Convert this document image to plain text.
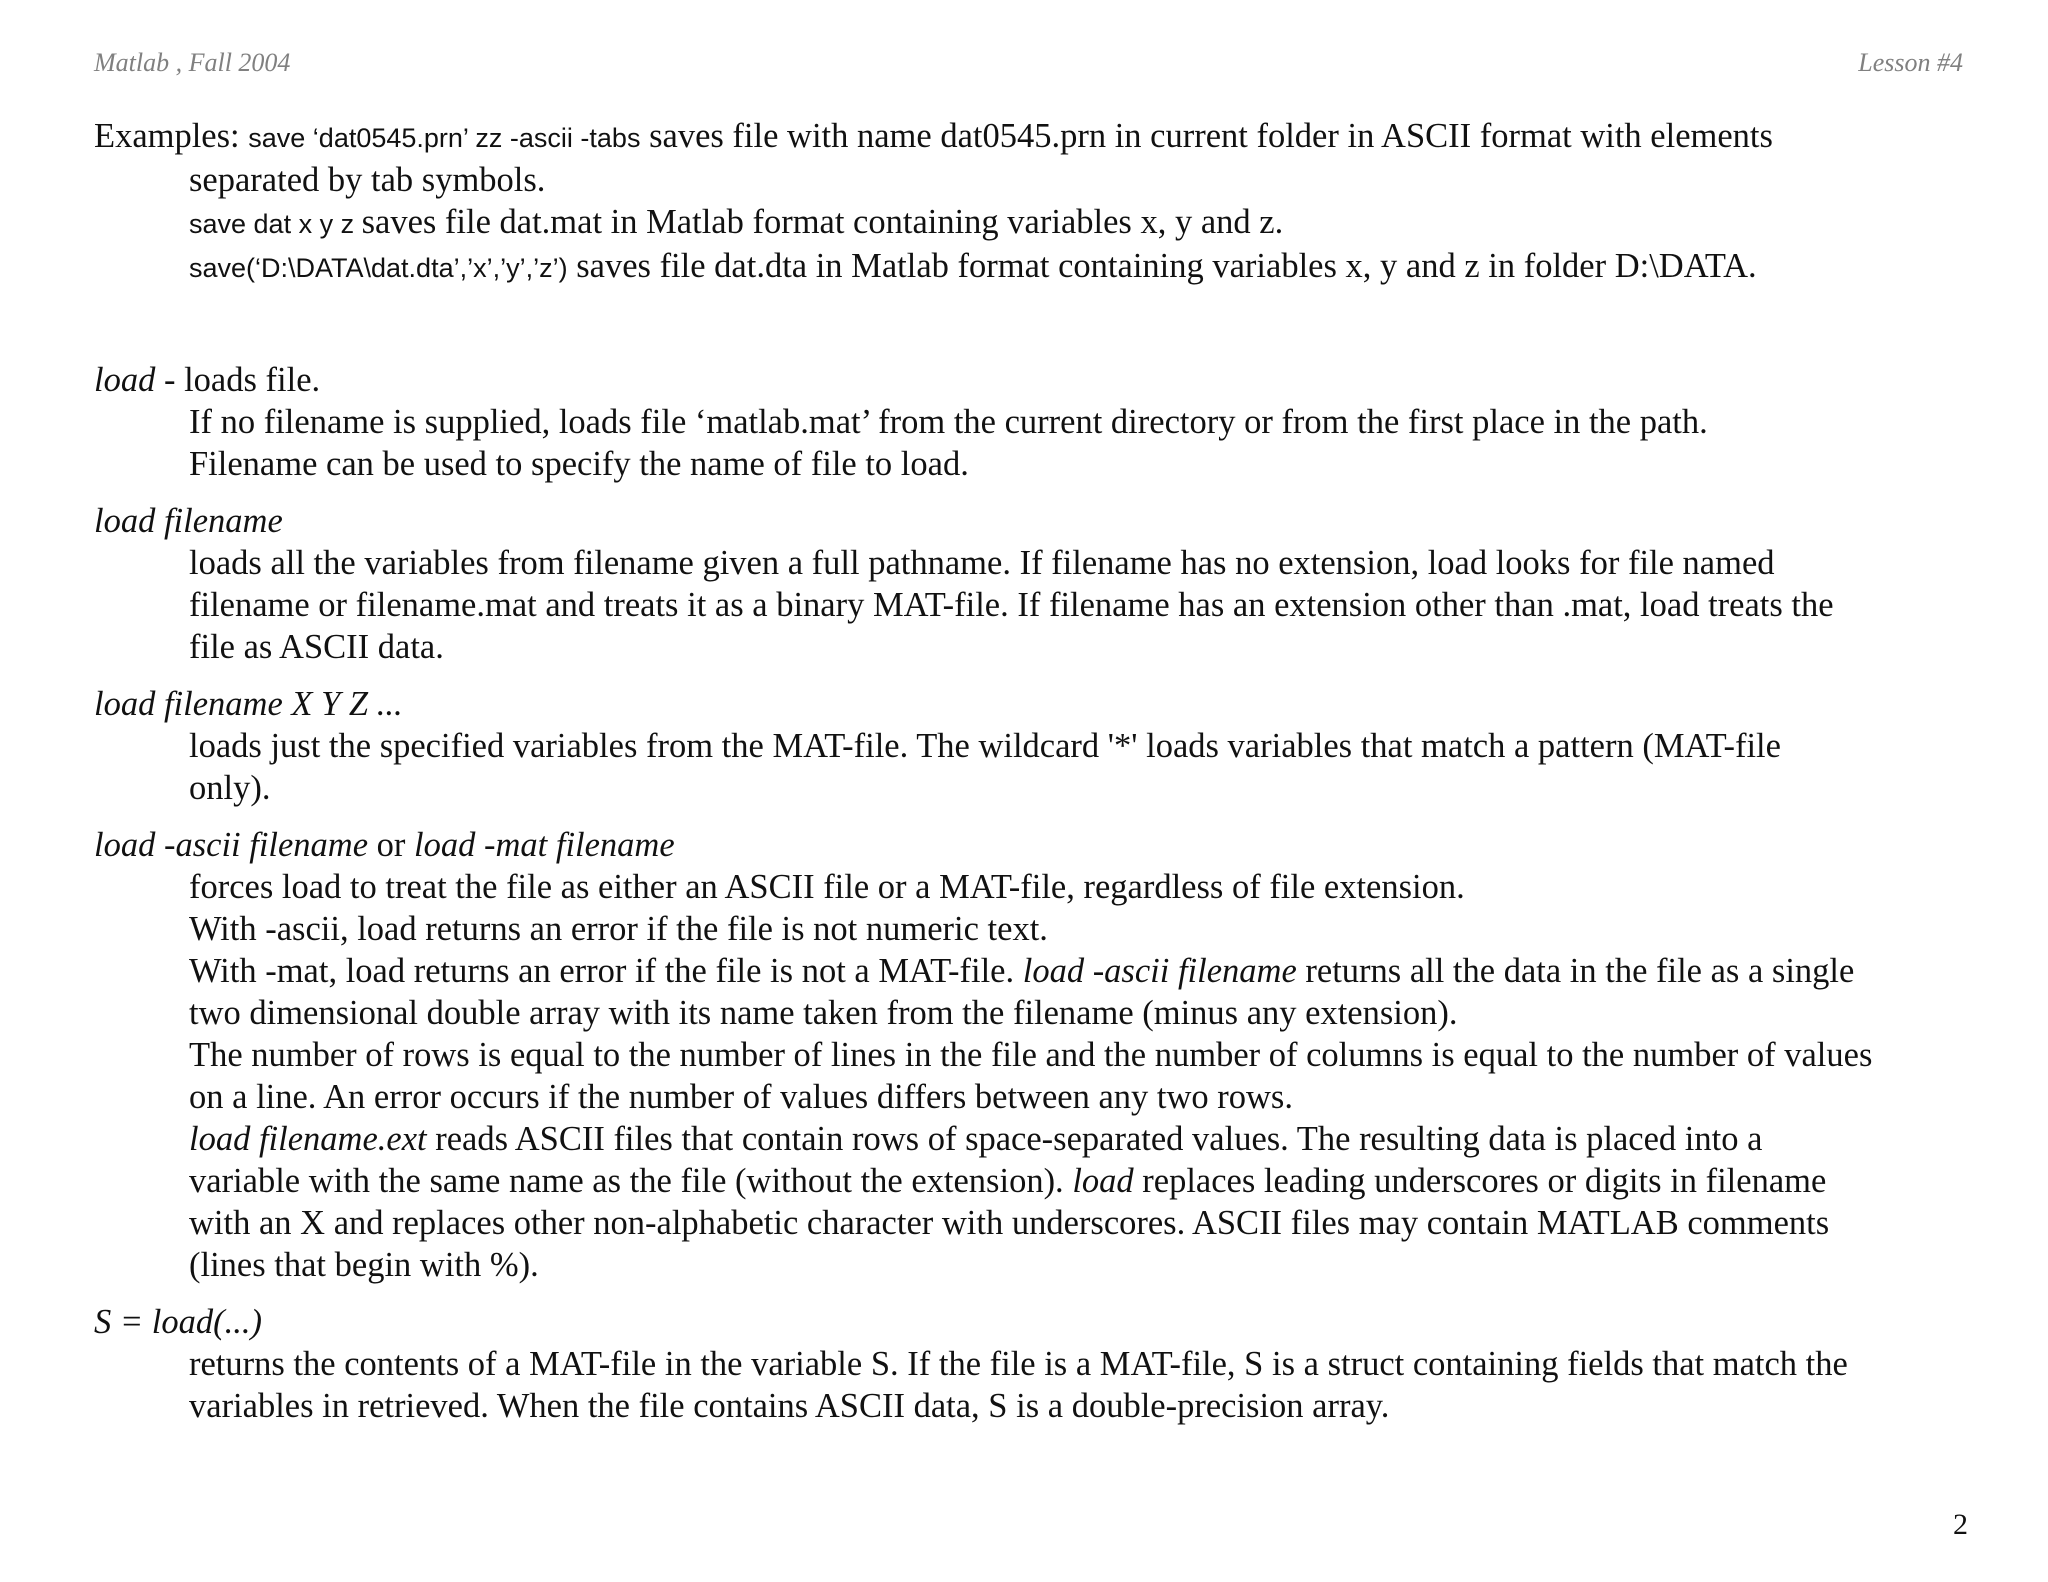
Matlab , Fall 2004	Lesson #4
Examples: save ‘dat0545.prn’ zz -ascii -tabs saves file with name dat0545.prn in current folder in ASCII format with elements
separated by tab symbols.
save dat x y z saves file dat.mat in Matlab format containing variables x, y and z.
save(‘D:\DATA\dat.dta’,’x’,’y’,’z’) saves file dat.dta in Matlab format containing variables x, y and z in folder D:\DATA.
load - loads file.
If no filename is supplied, loads file ‘matlab.mat’ from the current directory or from the first place in the path.
Filename can be used to specify the name of file to load.
load filename
loads all the variables from filename given a full pathname. If filename has no extension, load looks for file named
filename or filename.mat and treats it as a binary MAT-file. If filename has an extension other than .mat, load treats the
file as ASCII data.
load filename X Y Z ...
loads just the specified variables from the MAT-file. The wildcard '*' loads variables that match a pattern (MAT-file
only).
load -ascii filename or load -mat filename
forces load to treat the file as either an ASCII file or a MAT-file, regardless of file extension.
With -ascii, load returns an error if the file is not numeric text.
With -mat, load returns an error if the file is not a MAT-file. load -ascii filename returns all the data in the file as a single
two dimensional double array with its name taken from the filename (minus any extension).
The number of rows is equal to the number of lines in the file and the number of columns is equal to the number of values
on a line. An error occurs if the number of values differs between any two rows.
load filename.ext reads ASCII files that contain rows of space-separated values. The resulting data is placed into a
variable with the same name as the file (without the extension). load replaces leading underscores or digits in filename
with an X and replaces other non-alphabetic character with underscores. ASCII files may contain MATLAB comments
(lines that begin with %).
S = load(...)
returns the contents of a MAT-file in the variable S. If the file is a MAT-file, S is a struct containing fields that match the
variables in retrieved. When the file contains ASCII data, S is a double-precision array.
2
